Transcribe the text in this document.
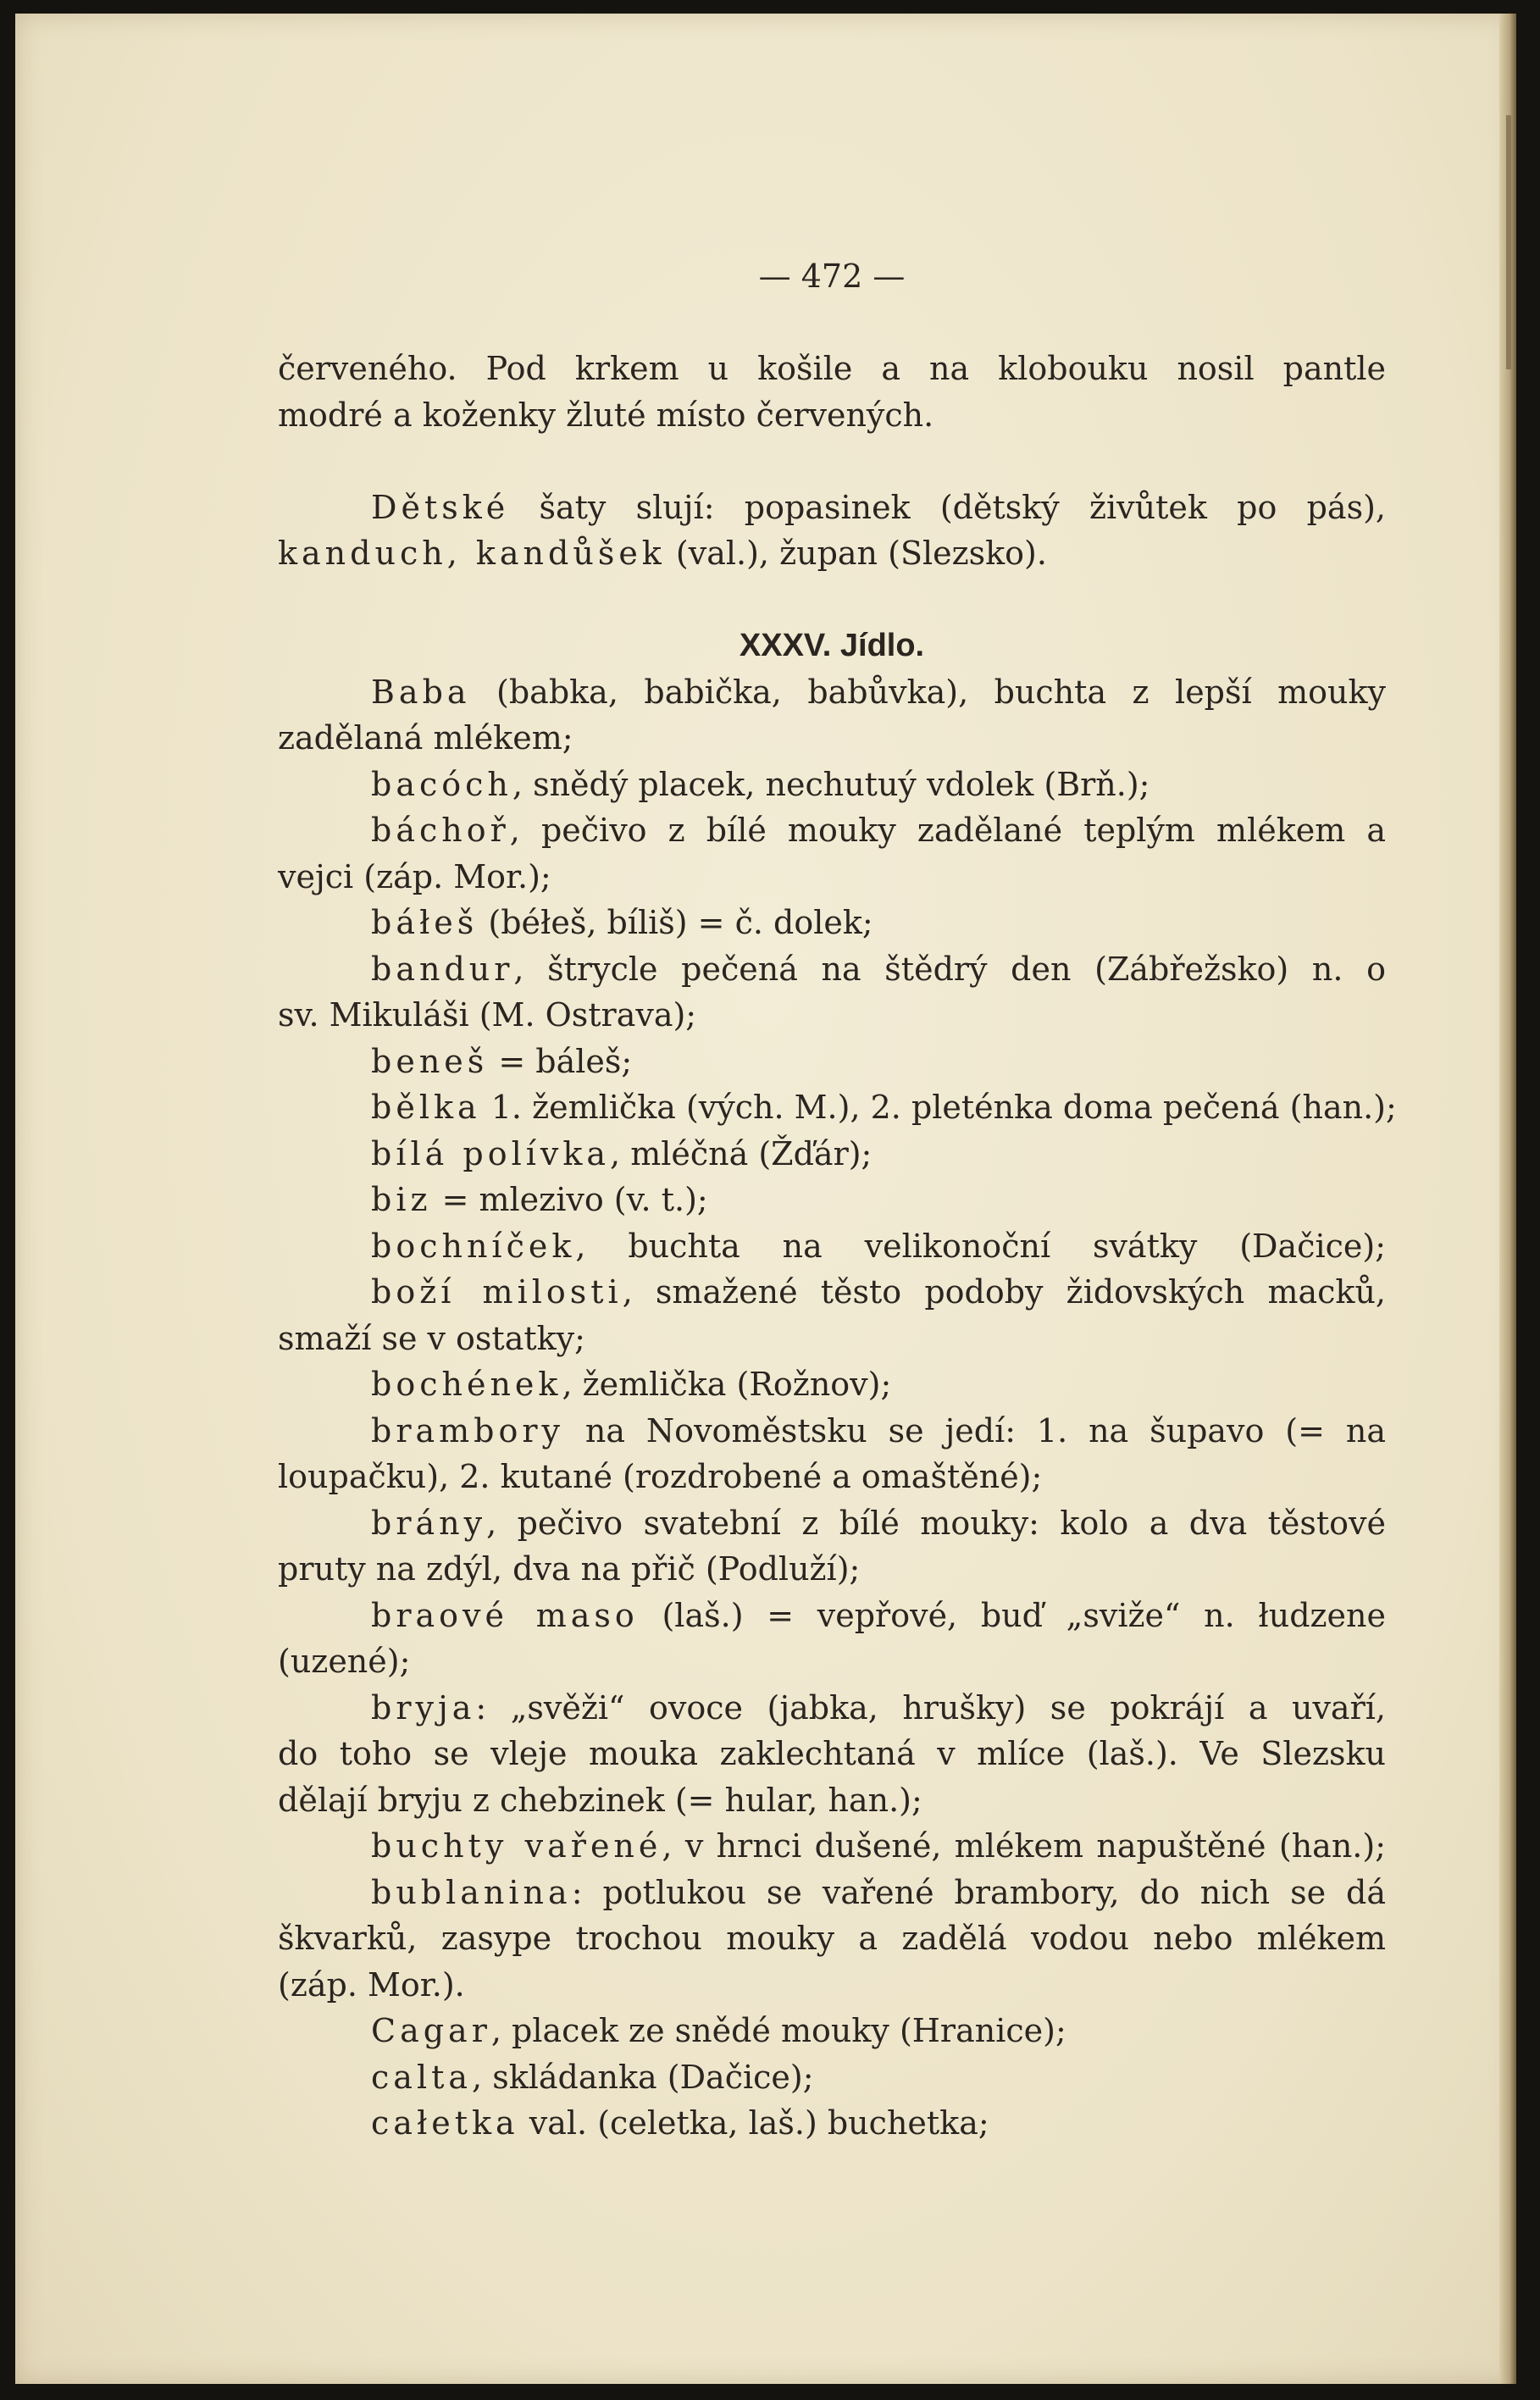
— 472 —
červeného. Pod krkem u košile a na klobouku nosil pantle
modré a koženky žluté místo červených.
Dětské šaty slují: popasinek (dětský živůtek po pás),
kanduch, kandůšek (val.), župan (Slezsko).
XXXV. Jídlo.
Baba (babka, babička, babůvka), buchta z lepší mouky
zadělaná mlékem;
bacóch, snědý placek, nechutuý vdolek (Brň.);
báchoř, pečivo z bílé mouky zadělané teplým mlékem a
vejci (záp. Mor.);
báłeš (béłeš, bíliš) = č. dolek;
bandur, štrycle pečená na štědrý den (Zábřežsko) n. o
sv. Mikuláši (M. Ostrava);
beneš = báleš;
bělka 1. žemlička (vých. M.), 2. pleténka doma pečená (han.);
bílá polívka, mléčná (Žďár);
biz = mlezivo (v. t.);
bochníček, buchta na velikonoční svátky (Dačice);
boží milosti, smažené těsto podoby židovských macků,
smaží se v ostatky;
bochének, žemlička (Rožnov);
brambory na Novoměstsku se jedí: 1. na šupavo (= na
loupačku), 2. kutané (rozdrobené a omaštěné);
brány, pečivo svatební z bílé mouky: kolo a dva těstové
pruty na zdýl, dva na přič (Podluží);
braové maso (laš.) = vepřové, buď „sviže“ n. łudzene
(uzené);
bryja: „svěži“ ovoce (jabka, hrušky) se pokrájí a uvaří,
do toho se vleje mouka zaklechtaná v mlíce (laš.). Ve Slezsku
dělají bryju z chebzinek (= hular, han.);
buchty vařené, v hrnci dušené, mlékem napuštěné (han.);
bublanina: potlukou se vařené brambory, do nich se dá
škvarků, zasype trochou mouky a zadělá vodou nebo mlékem
(záp. Mor.).
Cagar, placek ze snědé mouky (Hranice);
calta, skládanka (Dačice);
całetka val. (celetka, laš.) buchetka;
